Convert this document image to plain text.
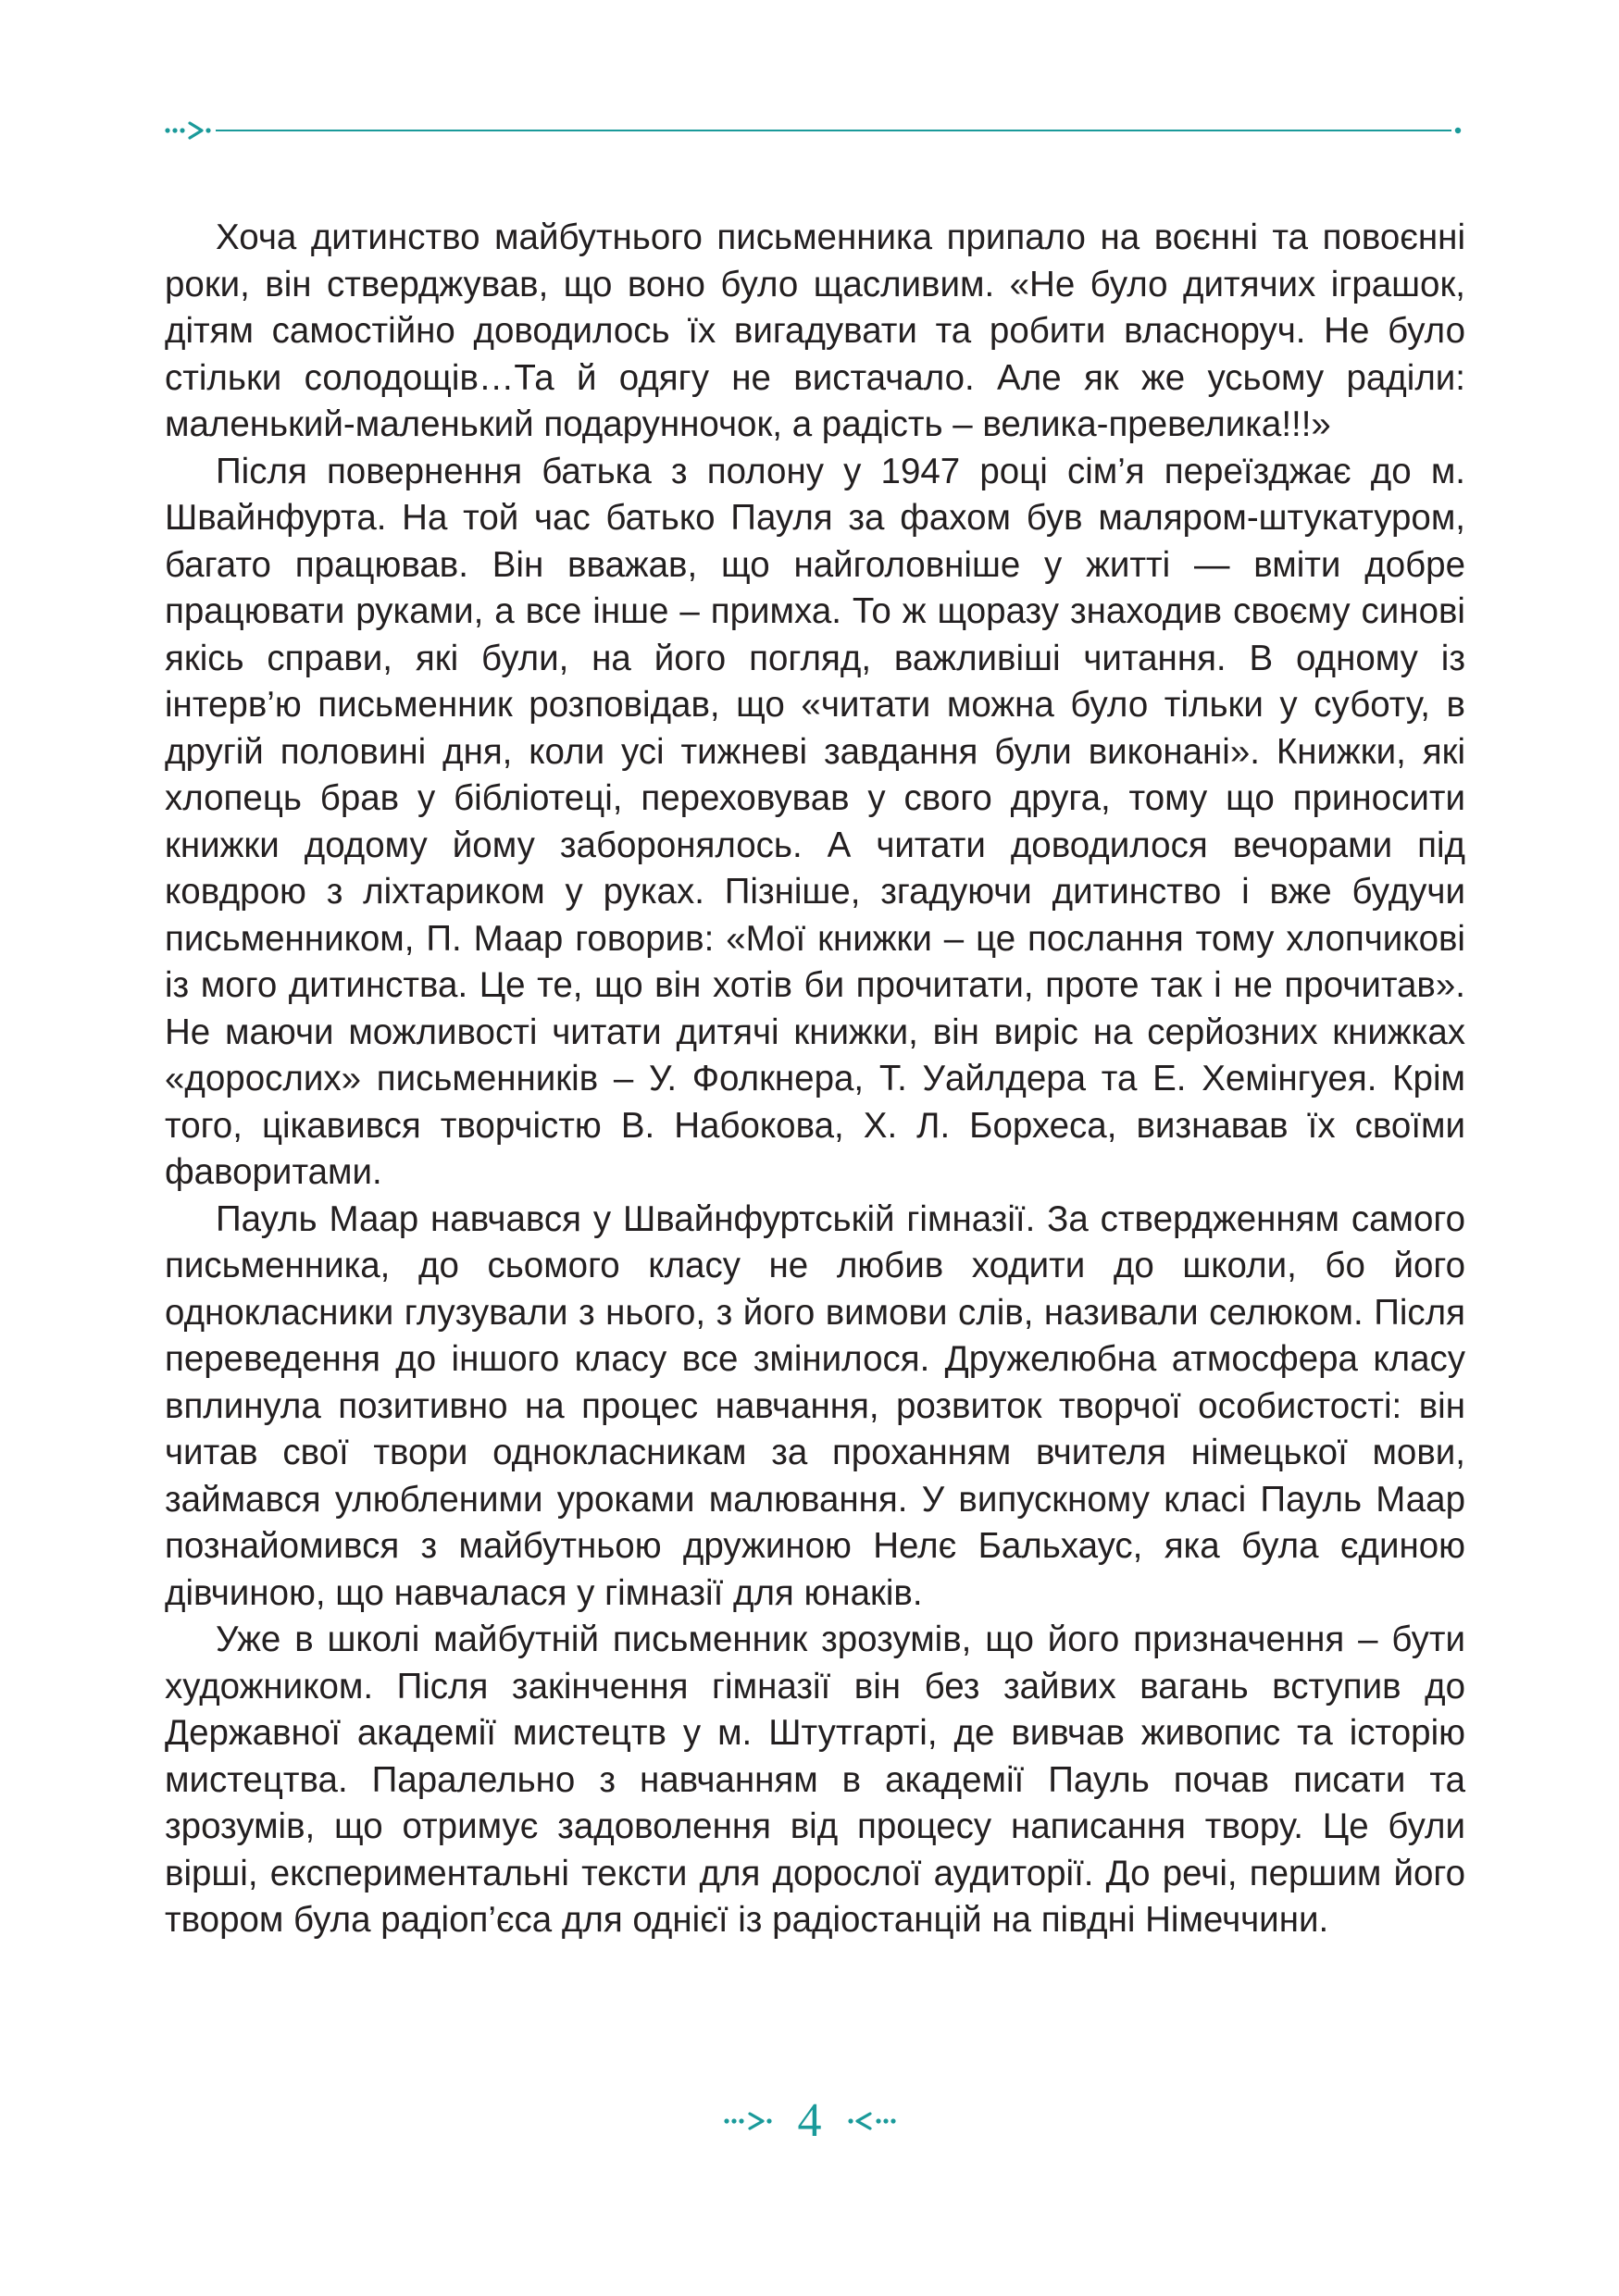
Хоча дитинство майбутнього письменника припало на воєнні та повоєнні роки, він стверджував, що воно було щасливим. «Не було дитячих іграшок, дітям самостійно доводилось їх вигадувати та робити власноруч. Не було стільки солодощів…Та й одягу не вистачало. Але як же усьому раділи: маленький-маленький подарунночок, а радість – велика-превелика!!!»

Після повернення батька з полону у 1947 році сім’я переїзджає до м. Швайнфурта. На той час батько Пауля за фахом був маляром-штукатуром, багато працював. Він вважав, що найголовніше у житті — вміти добре працювати руками, а все інше – примха. То ж щоразу знаходив своєму синові якісь справи, які були, на його погляд, важливіші читання. В одному із інтерв’ю письменник розповідав, що «читати можна було тільки у суботу, в другій половині дня, коли усі тижневі завдання були виконані». Книжки, які хлопець брав у бібліотеці, переховував у свого друга, тому що приносити книжки додому йому заборонялось. А читати доводилося вечорами під ковдрою з ліхтариком у руках. Пізніше, згадуючи дитинство і вже будучи письменником, П. Маар говорив: «Мої книжки – це послання тому хлопчикові із мого дитинства. Це те, що він хотів би прочитати, проте так і не прочитав». Не маючи можливості читати дитячі книжки, він виріс на серйозних книжках «дорослих» письменників – У. Фолкнера, Т. Уайлдера та Е. Хемінгуея. Крім того, цікавився творчістю В. Набокова, Х. Л. Борхеса, визнавав їх своїми фаворитами.

Пауль Маар навчався у Швайнфуртській гімназії. За ствердженням самого письменника, до сьомого класу не любив ходити до школи, бо його однокласники глузували з нього, з його вимови слів, називали селюком. Після переведення до іншого класу все змінилося. Дружелюбна атмосфера класу вплинула позитивно на процес навчання, розвиток творчої особистості: він читав свої твори однокласникам за проханням вчителя німецької мови, займався улюбленими уроками малювання. У випускному класі Пауль Маар познайомився з майбутньою дружиною Нелє Бальхаус, яка була єдиною дівчиною, що навчалася у гімназії для юнаків.

Уже в школі майбутній письменник зрозумів, що його призначення – бути художником. Після закінчення гімназії він без зайвих вагань вступив до Державної академії мистецтв у м. Штутгарті, де вивчав живопис та історію мистецтва. Паралельно з навчанням в академії Пауль почав писати та зрозумів, що отримує задоволення від процесу написання твору. Це були вірші, експериментальні тексти для дорослої аудиторії. До речі, першим його твором була радіоп’єса для однієї із радіостанцій на півдні Німеччини.

4
